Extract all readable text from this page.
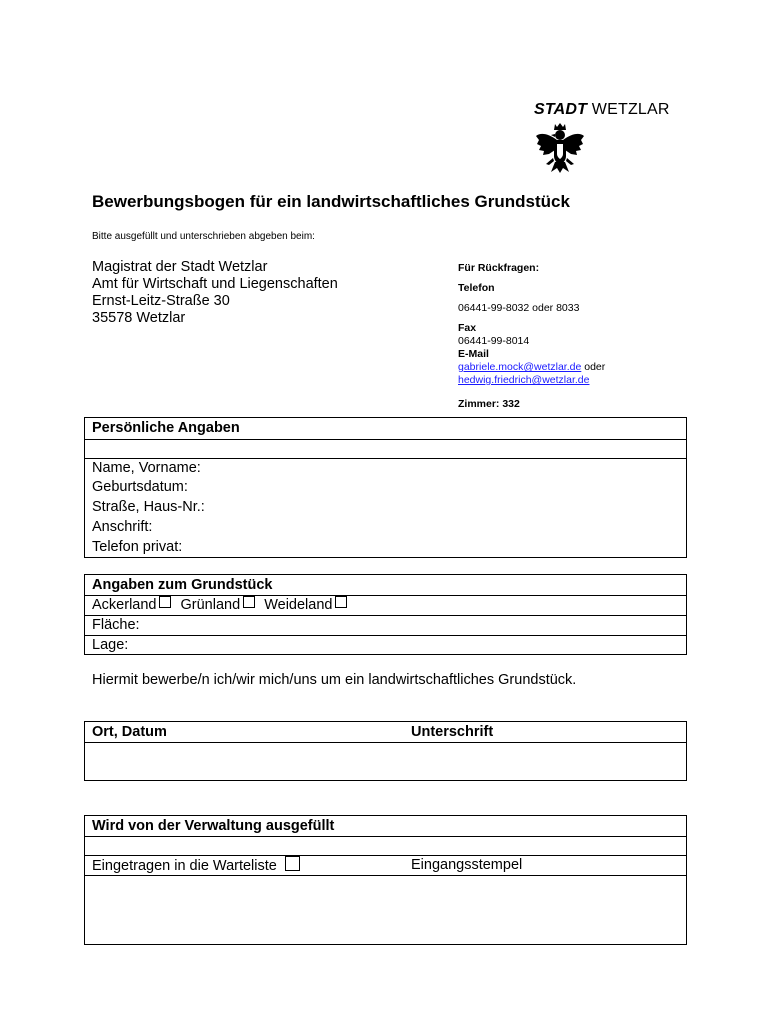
STADT WETZLAR
Bewerbungsbogen für ein landwirtschaftliches Grundstück
Bitte ausgefüllt und unterschrieben abgeben beim:
Magistrat der Stadt Wetzlar
Amt für Wirtschaft und Liegenschaften
Ernst-Leitz-Straße 30
35578 Wetzlar
Für Rückfragen:
Telefon
06441-99-8032 oder 8033
Fax
06441-99-8014
E-Mail
gabriele.mock@wetzlar.de oder
hedwig.friedrich@wetzlar.de
Zimmer: 332
Persönliche Angaben
Name, Vorname:
Geburtsdatum:
Straße, Haus-Nr.:
Anschrift:
Telefon privat:
Angaben zum Grundstück
Ackerland Grünland Weideland
Fläche:
Lage:
Hiermit bewerbe/n ich/wir mich/uns um ein landwirtschaftliches Grundstück.
Ort, Datum	Unterschrift
Wird von der Verwaltung ausgefüllt
Eingetragen in die Warteliste	Eingangsstempel
